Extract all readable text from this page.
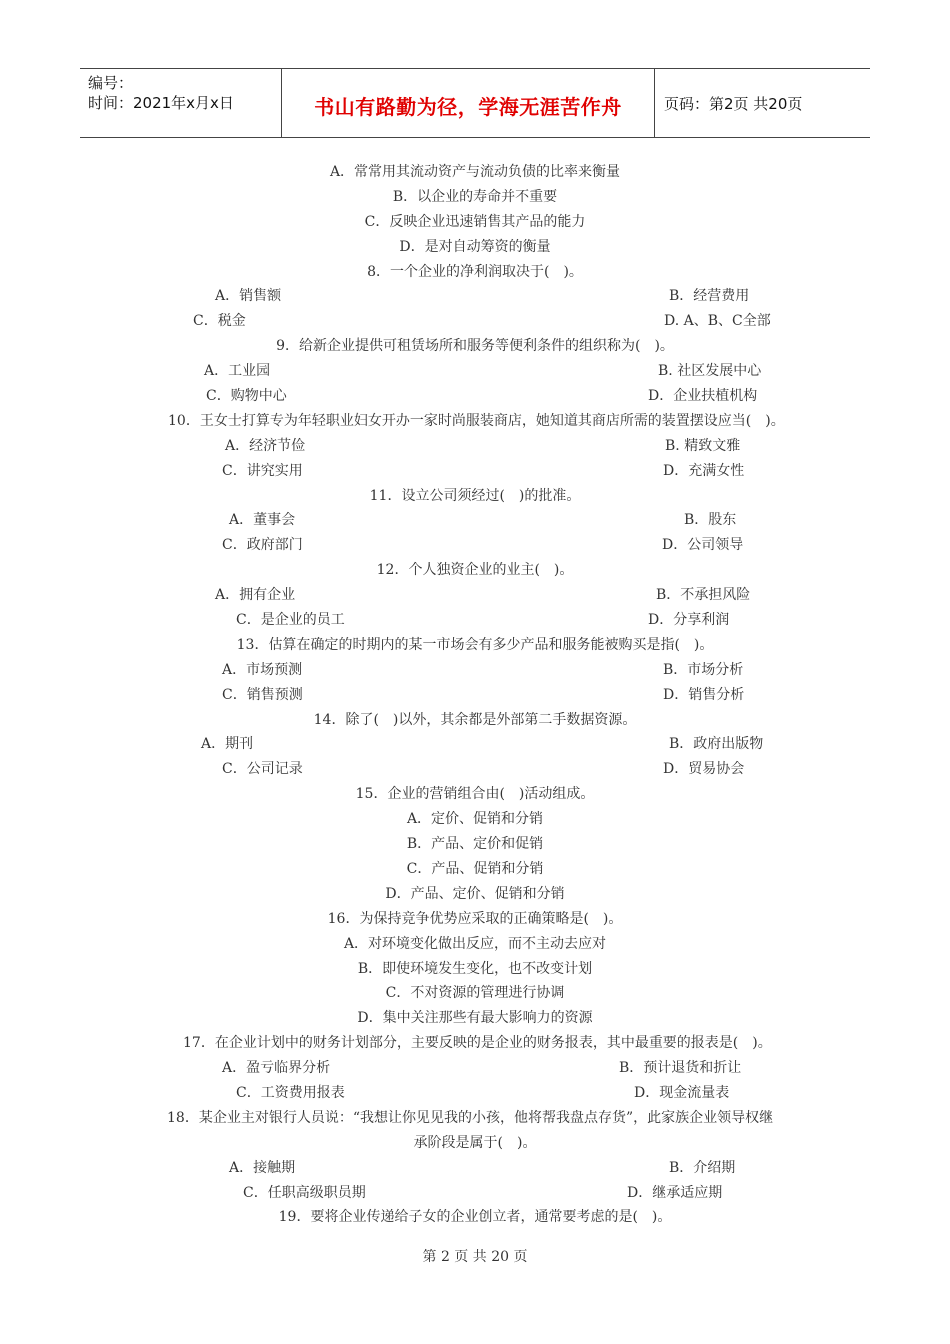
编号：
时间：2021年x月x日	书山有路勤为径，学海无涯苦作舟	页码：第2页 共20页
A．常常用其流动资产与流动负债的比率来衡量
B．以企业的寿命并不重要
C．反映企业迅速销售其产品的能力
D．是对自动筹资的衡量
8．一个企业的净利润取决于(　)。
A．销售额	B．经营费用
C．税金	D. A、B、C全部
9．给新企业提供可租赁场所和服务等便利条件的组织称为(　)。
A．工业园	B. 社区发展中心
C．购物中心	D．企业扶植机构
10．王女士打算专为年轻职业妇女开办一家时尚服装商店，她知道其商店所需的装置摆设应当(　)。
A．经济节俭	B. 精致文雅
C．讲究实用	D．充满女性
11．设立公司须经过(　)的批准。
A．董事会	B．股东
C．政府部门	D．公司领导
12．个人独资企业的业主(　)。
A．拥有企业	B．不承担风险
C．是企业的员工	D．分享利润
13．估算在确定的时期内的某一市场会有多少产品和服务能被购买是指(　)。
A．市场预测	B．市场分析
C．销售预测	D．销售分析
14．除了(　)以外，其余都是外部第二手数据资源。
A．期刊	B．政府出版物
C．公司记录	D．贸易协会
15．企业的营销组合由(　)活动组成。
A．定价、促销和分销
B．产品、定价和促销
C．产品、促销和分销
D．产品、定价、促销和分销
16．为保持竞争优势应采取的正确策略是(　)。
A．对环境变化做出反应，而不主动去应对
B．即使环境发生变化，也不改变计划
C．不对资源的管理进行协调
D．集中关注那些有最大影响力的资源
17．在企业计划中的财务计划部分，主要反映的是企业的财务报表，其中最重要的报表是(　)。
A．盈亏临界分析	B．预计退货和折让
C．工资费用报表	D．现金流量表
18．某企业主对银行人员说：“我想让你见见我的小孩，他将帮我盘点存货”，此家族企业领导权继
承阶段是属于(　)。
A．接触期	B．介绍期
C．任职高级职员期	D．继承适应期
19．要将企业传递给子女的企业创立者，通常要考虑的是(　)。
第 2 页 共 20 页
